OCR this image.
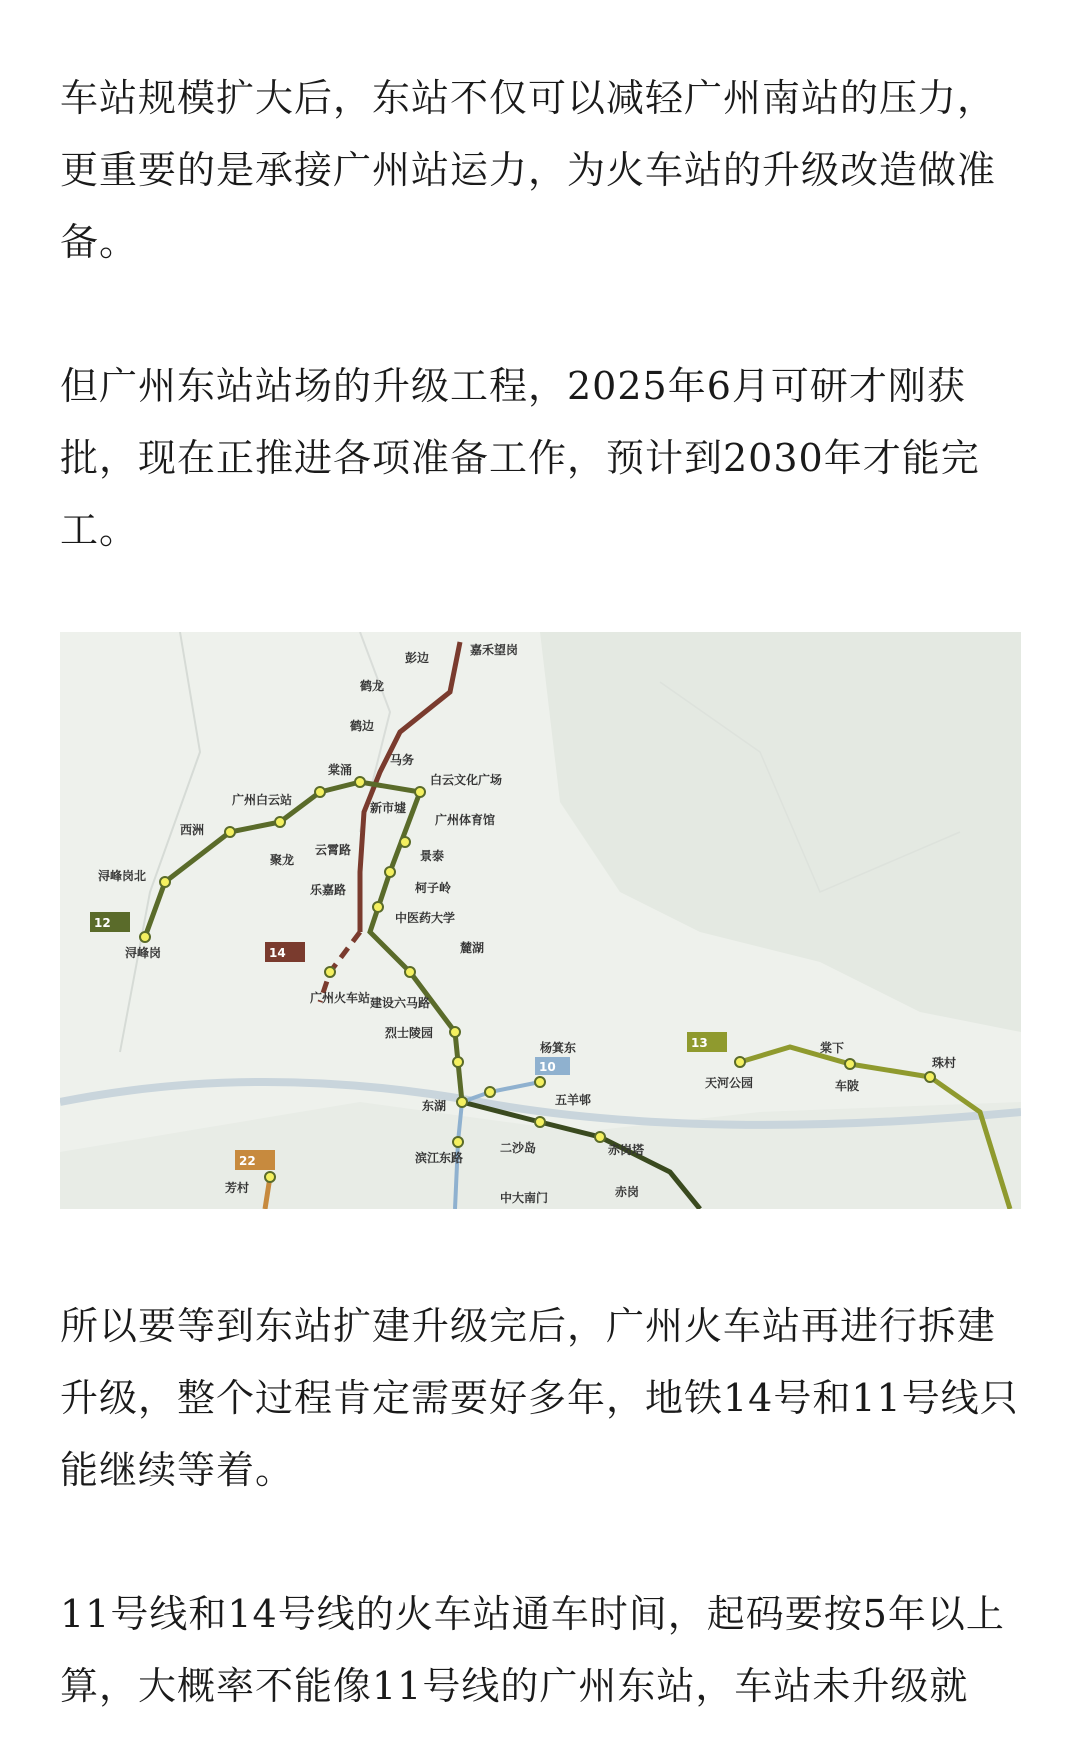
车站规模扩大后，东站不仅可以减轻广州南站的压力，更重要的是承接广州站运力，为火车站的升级改造做准备。

但广州东站站场的升级工程，2025年6月可研才刚获批，现在正推进各项准备工作，预计到2030年才能完工。

12
14
10
13
22
嘉禾望岗
彭边
鹤龙
鹤边
马务
棠涌
白云文化广场
新市墟
广州体育馆
景泰
柯子岭
中医药大学
麓湖
建设六马路
烈士陵园
东湖
滨江东路
二沙岛	赤岗塔
赤岗
中大南门
杨箕东
五羊邨
广州白云站
西洲
浔峰岗北
浔峰岗
聚龙
云霄路
乐嘉路
广州火车站
天河公园
棠下
车陂
珠村
芳村

所以要等到东站扩建升级完后，广州火车站再进行拆建升级，整个过程肯定需要好多年，地铁14号和11号线只能继续等着。

11号线和14号线的火车站通车时间，起码要按5年以上算，大概率不能像11号线的广州东站，车站未升级就
